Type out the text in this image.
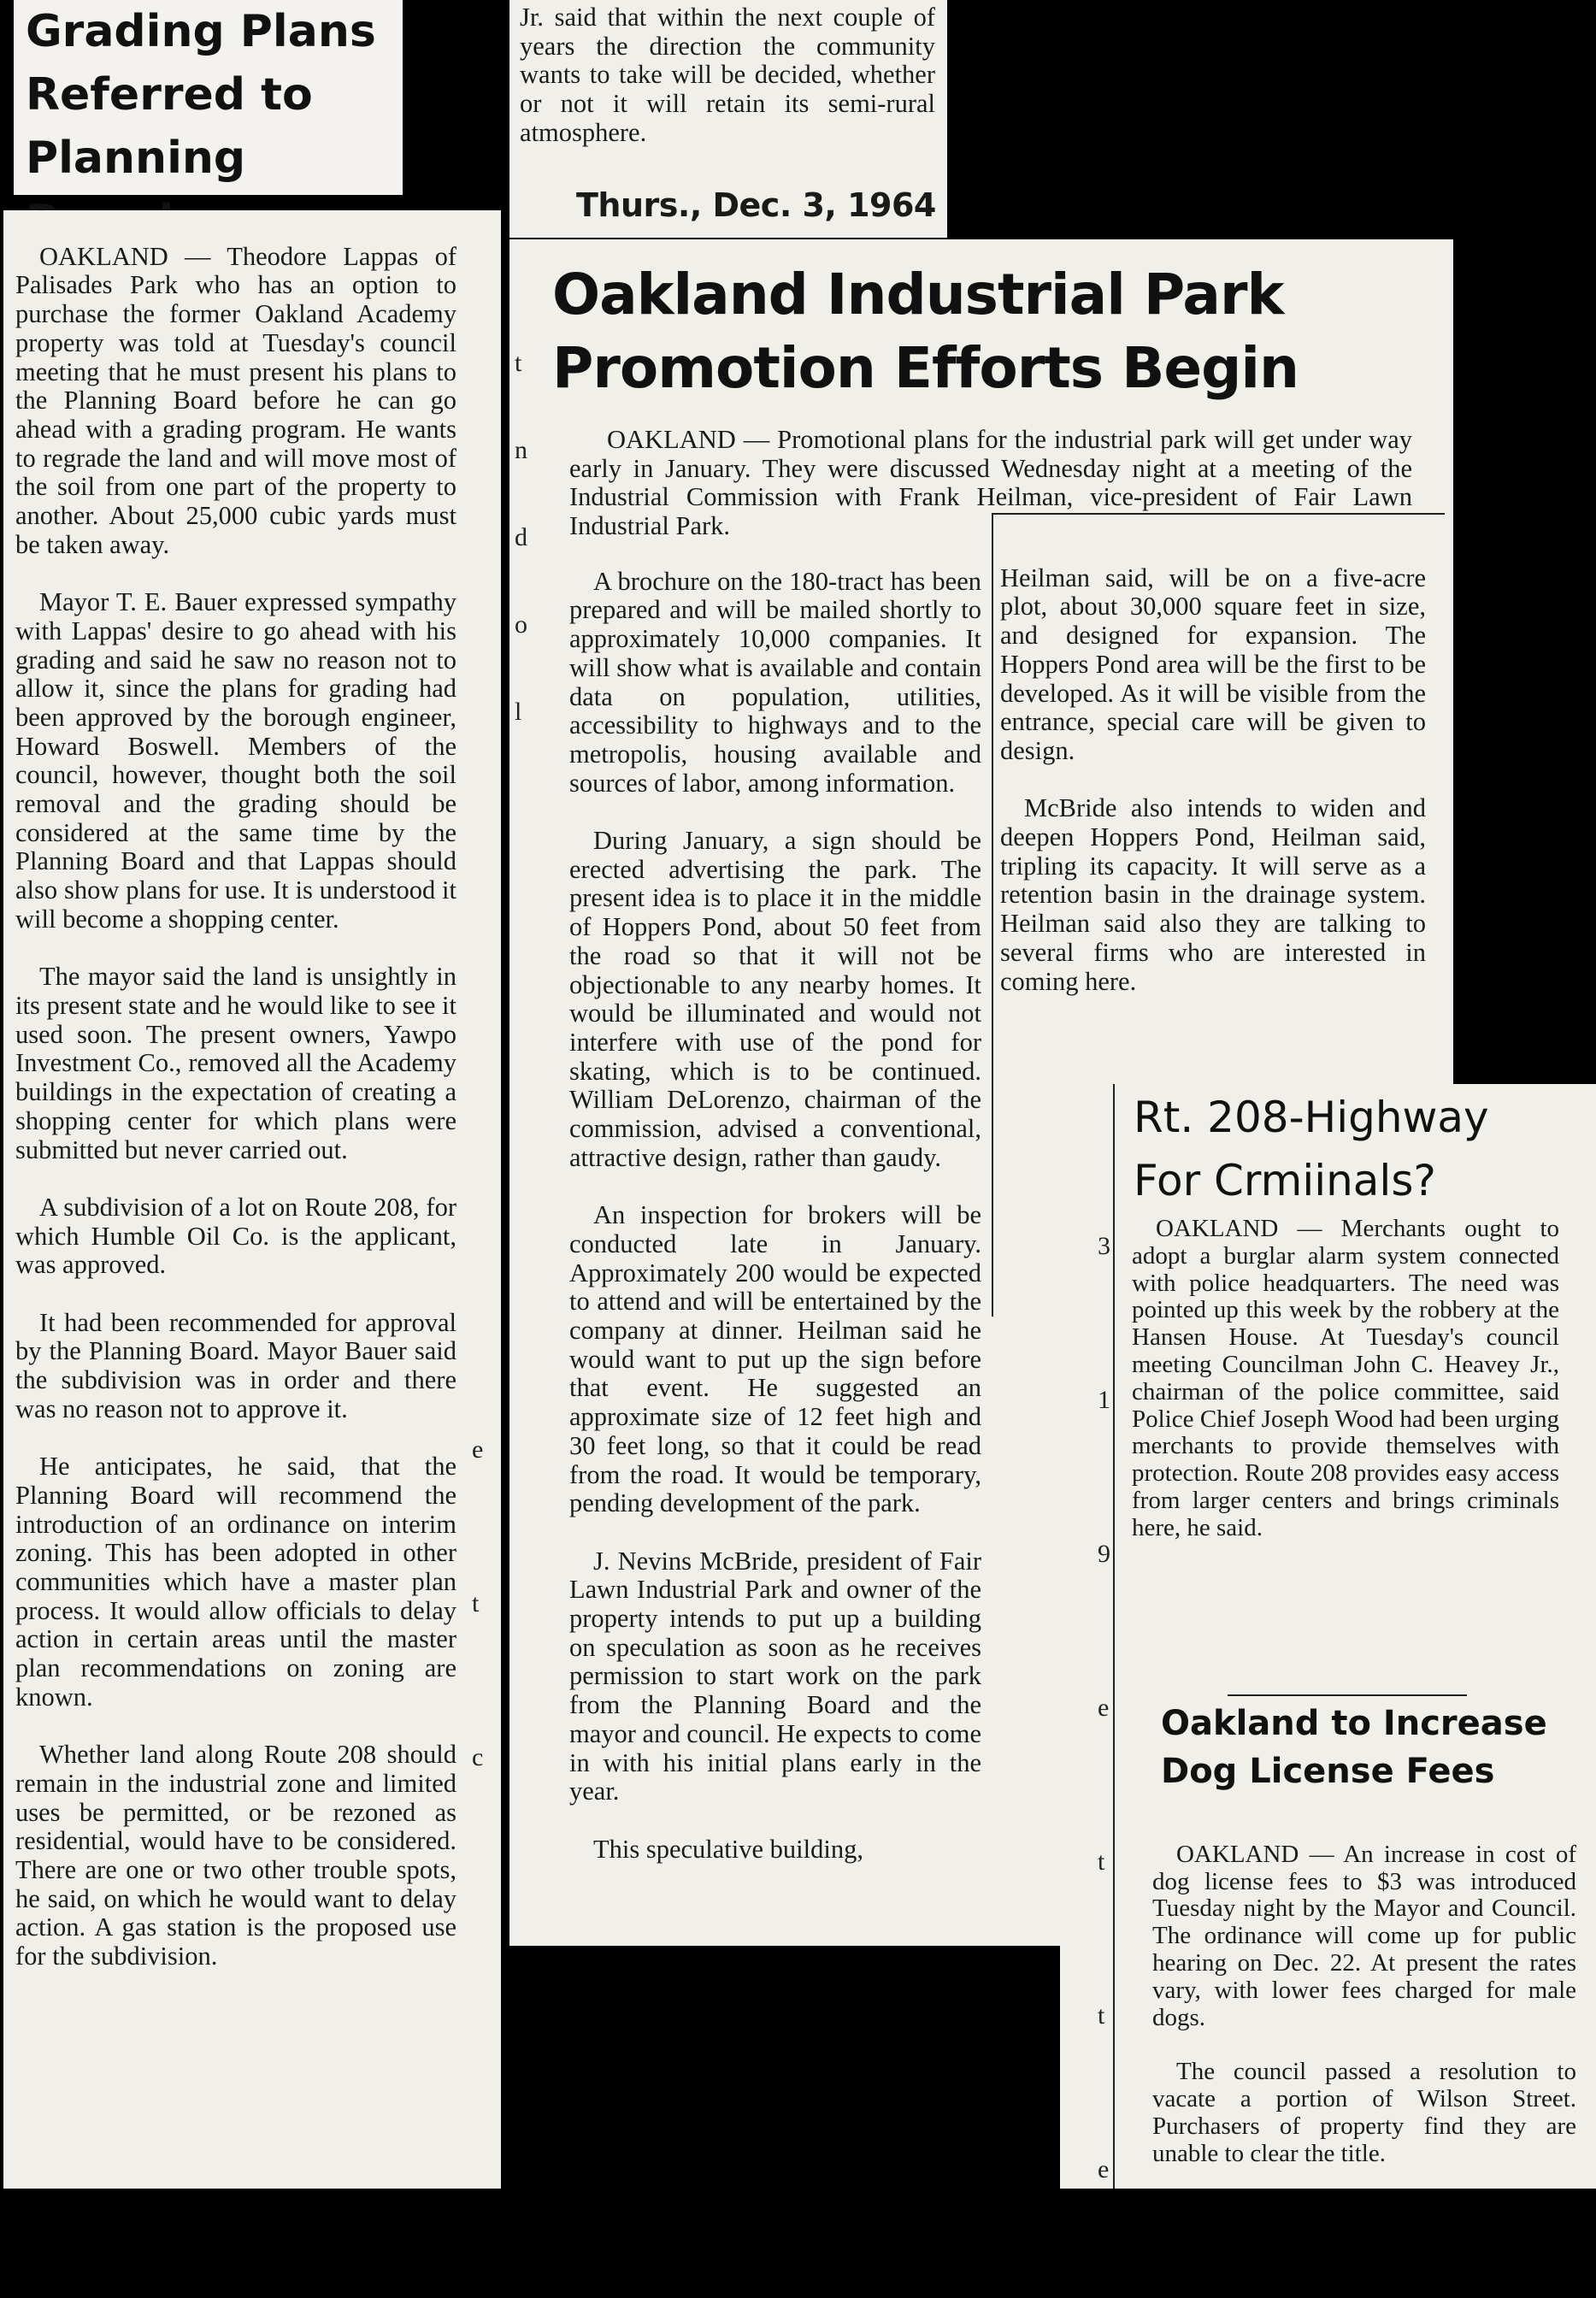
Grading Plans
Referred to
Planning

OAKLAND — Theodore Lappas of Palisades Park who has an option to purchase the former Oakland Academy property was told at Tuesday's council meeting that he must present his plans to the Planning Board before he can go ahead with a grading program. He wants to regrade the land and will move most of the soil from one part of the property to another. About 25,000 cubic yards must be taken away.

Mayor T. E. Bauer expressed sympathy with Lappas' desire to go ahead with his grading and said he saw no reason not to allow it, since the plans for grading had been approved by the borough engineer, Howard Boswell. Members of the council, however, thought both the soil removal and the grading should be considered at the same time by the Planning Board and that Lappas should also show plans for use. It is understood it will become a shopping center.

The mayor said the land is unsightly in its present state and he would like to see it used soon. The present owners, Yawpo Investment Co., removed all the Academy buildings in the expectation of creating a shopping center for which plans were submitted but never carried out.

A subdivision of a lot on Route 208, for which Humble Oil Co. is the applicant, was approved.

It had been recommended for approval by the Planning Board. Mayor Bauer said the subdivision was in order and there was no reason not to approve it.

He anticipates, he said, that the Planning Board will recommend the introduction of an ordinance on interim zoning. This has been adopted in other communities which have a master plan process. It would allow officials to delay action in certain areas until the master plan recommendations on zoning are known.

Whether land along Route 208 should remain in the industrial zone and limited uses be permitted, or be rezoned as residential, would have to be considered. There are one or two other trouble spots, he said, on which he would want to delay action. A gas station is the proposed use for the subdivision.

e

t

c

Jr. said that within the next couple of years the direction the community wants to take will be decided, whether or not it will retain its semi-rural atmosphere.
Thurs., Dec. 3, 1964

t

n

d

o

l

Oakland Industrial Park
Promotion Efforts Begin
OAKLAND — Promotional plans for the industrial park will get under way early in January. They were discussed Wednesday night at a meeting of the Industrial Commission with Frank Heilman, vice-president of Fair Lawn Industrial Park.

A brochure on the 180-tract has been prepared and will be mailed shortly to approximately 10,000 companies. It will show what is available and contain data on population, utilities, accessibility to highways and to the metropolis, housing available and sources of labor, among information.

During January, a sign should be erected advertising the park. The present idea is to place it in the middle of Hoppers Pond, about 50 feet from the road so that it will not be objectionable to any nearby homes. It would be illuminated and would not interfere with use of the pond for skating, which is to be continued. William DeLorenzo, chairman of the commission, advised a conventional, attractive design, rather than gaudy.

An inspection for brokers will be conducted late in January. Approximately 200 would be expected to attend and will be entertained by the company at dinner. Heilman said he would want to put up the sign before that event. He suggested an approximate size of 12 feet high and 30 feet long, so that it could be read from the road. It would be temporary, pending development of the park.

J. Nevins McBride, president of Fair Lawn Industrial Park and owner of the property intends to put up a building on speculation as soon as he receives permission to start work on the park from the Planning Board and the mayor and council. He expects to come in with his initial plans early in the year.

This speculative building,

Heilman said, will be on a five-acre plot, about 30,000 square feet in size, and designed for expansion. The Hoppers Pond area will be the first to be developed. As it will be visible from the entrance, special care will be given to design.

McBride also intends to widen and deepen Hoppers Pond, Heilman said, tripling its capacity. It will serve as a retention basin in the drainage system. Heilman said also they are talking to several firms who are interested in coming here.

3

1

9

e

t

t

e

Rt. 208-Highway
For Crmiinals?
OAKLAND — Merchants ought to adopt a burglar alarm system connected with police headquarters. The need was pointed up this week by the robbery at the Hansen House. At Tuesday's council meeting Councilman John C. Heavey Jr., chairman of the police committee, said Police Chief Joseph Wood had been urging merchants to provide themselves with protection. Route 208 provides easy access from larger centers and brings criminals here, he said.
Oakland to Increase
Dog License Fees

OAKLAND — An increase in cost of dog license fees to $3 was introduced Tuesday night by the Mayor and Council. The ordinance will come up for public hearing on Dec. 22. At present the rates vary, with lower fees charged for male dogs.

The council passed a resolution to vacate a portion of Wilson Street. Purchasers of property find they are unable to clear the title.
